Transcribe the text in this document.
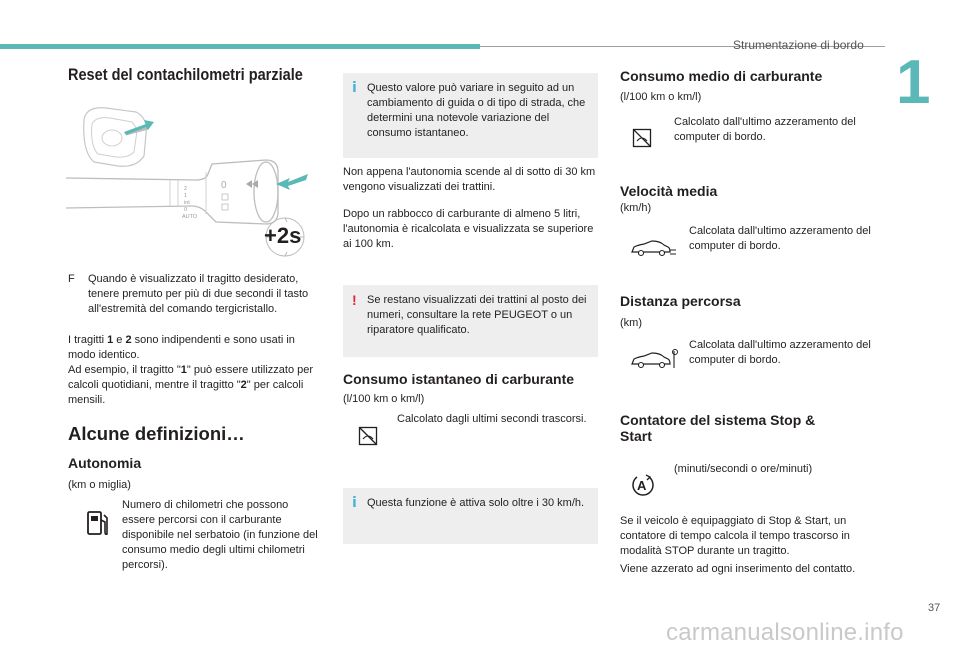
Strumentazione di bordo
1
Reset del contachilometri parziale
2
1
int
0
AUTO
0
+2s
F	Quando è visualizzato il tragitto desiderato, tenere premuto per più di due secondi il tasto all'estremità del comando tergicristallo.
I tragitti 1 e 2 sono indipendenti e sono usati in modo identico.
Ad esempio, il tragitto "1" può essere utilizzato per calcoli quotidiani, mentre il tragitto "2" per calcoli mensili.
Alcune definizioni…
Autonomia
(km o miglia)
Numero di chilometri che possono essere percorsi con il carburante disponibile nel serbatoio (in funzione del consumo medio degli ultimi chilometri percorsi).
i Questo valore può variare in seguito ad un cambiamento di guida o di tipo di strada, che determini una notevole variazione del consumo istantaneo.

Non appena l'autonomia scende al di sotto di 30 km vengono visualizzati dei trattini.
Dopo un rabbocco di carburante di almeno 5 litri, l'autonomia è ricalcolata e visualizzata se superiore ai 100 km.
! Se restano visualizzati dei trattini al posto dei numeri, consultare la rete PEUGEOT o un riparatore qualificato.

Consumo istantaneo di carburante
(l/100 km o km/l)
Calcolato dagli ultimi secondi trascorsi.
i Questa funzione è attiva solo oltre i 30 km/h.

Consumo medio di carburante
(l/100 km o km/l)
Calcolato dall'ultimo azzeramento del computer di bordo.
Velocità media
(km/h)
Calcolata dall'ultimo azzeramento del computer di bordo.
Distanza percorsa
(km)
Calcolata dall'ultimo azzeramento del computer di bordo.
Contatore del sistema Stop &
Start
A
(minuti/secondi o ore/minuti)
Se il veicolo è equipaggiato di Stop & Start, un contatore di tempo calcola il tempo trascorso in modalità STOP durante un tragitto.
Viene azzerato ad ogni inserimento del contatto.
37
carmanualsonline.info
